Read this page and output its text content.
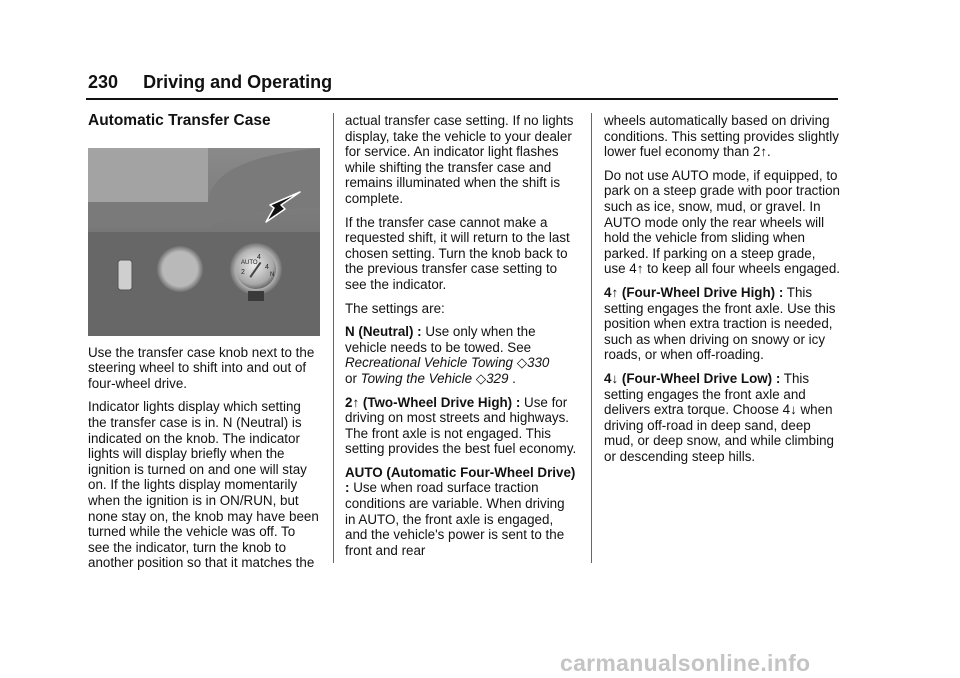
230 Driving and Operating

Automatic Transfer Case

AUTO
4
2
4
N

Use the transfer case knob next to the steering wheel to shift into and out of four-wheel drive.

Indicator lights display which setting the transfer case is in. N (Neutral) is indicated on the knob. The indicator lights will display briefly when the ignition is turned on and one will stay on. If the lights display momentarily when the ignition is in ON/RUN, but none stay on, the knob may have been turned while the vehicle was off. To see the indicator, turn the knob to another position so that it matches the

actual transfer case setting. If no lights display, take the vehicle to your dealer for service. An indicator light flashes while shifting the transfer case and remains illuminated when the shift is complete.

If the transfer case cannot make a requested shift, it will return to the last chosen setting. Turn the knob back to the previous transfer case setting to see the indicator.

The settings are:

N (Neutral) : Use only when the vehicle needs to be towed. See Recreational Vehicle Towing ◇330
or Towing the Vehicle ◇329 .

2↑ (Two-Wheel Drive High) : Use for driving on most streets and highways. The front axle is not engaged. This setting provides the best fuel economy.

AUTO (Automatic Four-Wheel Drive) : Use when road surface traction conditions are variable. When driving in AUTO, the front axle is engaged, and the vehicle's power is sent to the front and rear

wheels automatically based on driving conditions. This setting provides slightly lower fuel economy than 2↑.

Do not use AUTO mode, if equipped, to park on a steep grade with poor traction such as ice, snow, mud, or gravel. In AUTO mode only the rear wheels will hold the vehicle from sliding when parked. If parking on a steep grade, use 4↑ to keep all four wheels engaged.

4↑ (Four-Wheel Drive High) : This setting engages the front axle. Use this position when extra traction is needed, such as when driving on snowy or icy roads, or when off-roading.

4↓ (Four-Wheel Drive Low) : This setting engages the front axle and delivers extra torque. Choose 4↓ when driving off-road in deep sand, deep mud, or deep snow, and while climbing or descending steep hills.

carmanualsonline.info
